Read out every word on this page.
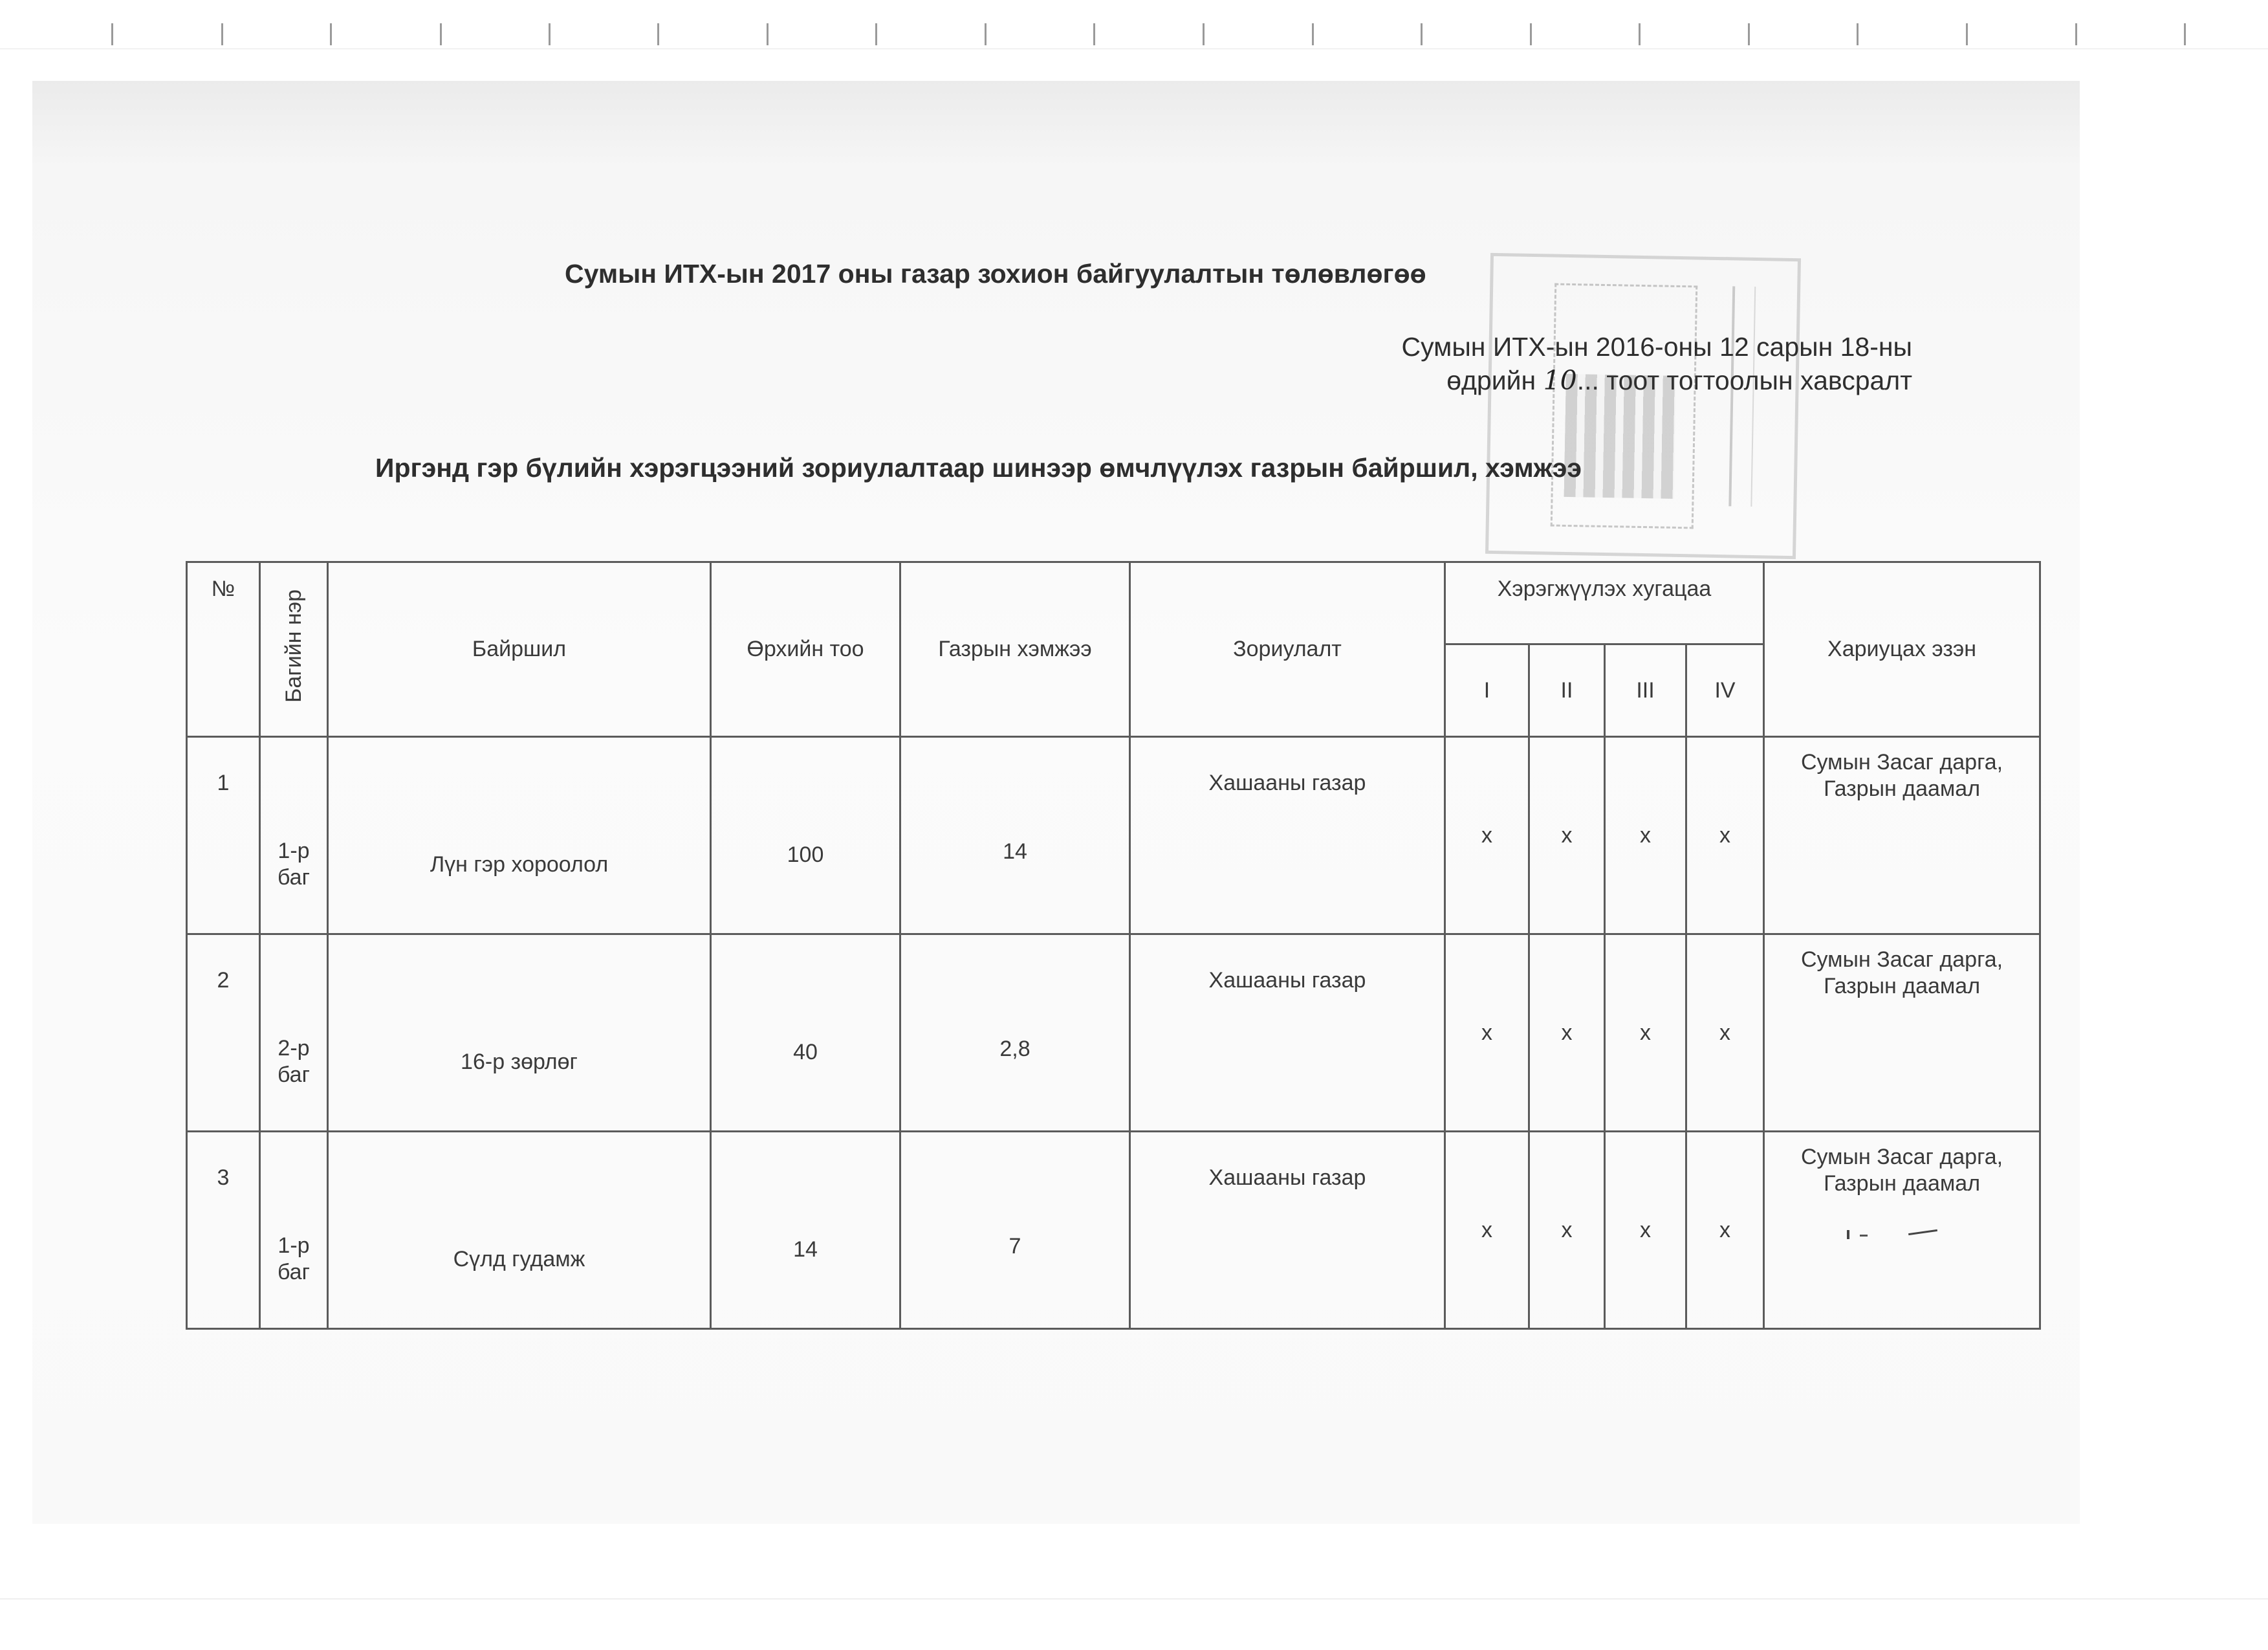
Сумын ИТХ-ын 2017 оны газар зохион байгуулалтын төлөвлөгөө
Сумын ИТХ-ын 2016-оны 12 сарын 18-ны
өдрийн 10... тоот тогтоолын хавсралт
Иргэнд гэр бүлийн хэрэгцээний зориулалтаар шинээр өмчлүүлэх газрын байршил, хэмжээ
№	Багийн нэр	Байршил	Өрхийн тоо	Газрын хэмжээ	Зориулалт	Хэрэгжүүлэх хугацаа				Хариуцах эзэн
						I	II	III	IV	
1	1-р
баг	Лүн гэр хороолол	100	14	Хашааны газар	x	x	x	x	Сумын Засаг дарга,
Газрын даамал
2	2-р
баг	16-р зөрлөг	40	2,8	Хашааны газар	x	x	x	x	Сумын Засаг дарга,
Газрын даамал
3	1-р
баг	Сүлд гудамж	14	7	Хашааны газар	x	x	x	x	Сумын Засаг дарга,
Газрын даамал
